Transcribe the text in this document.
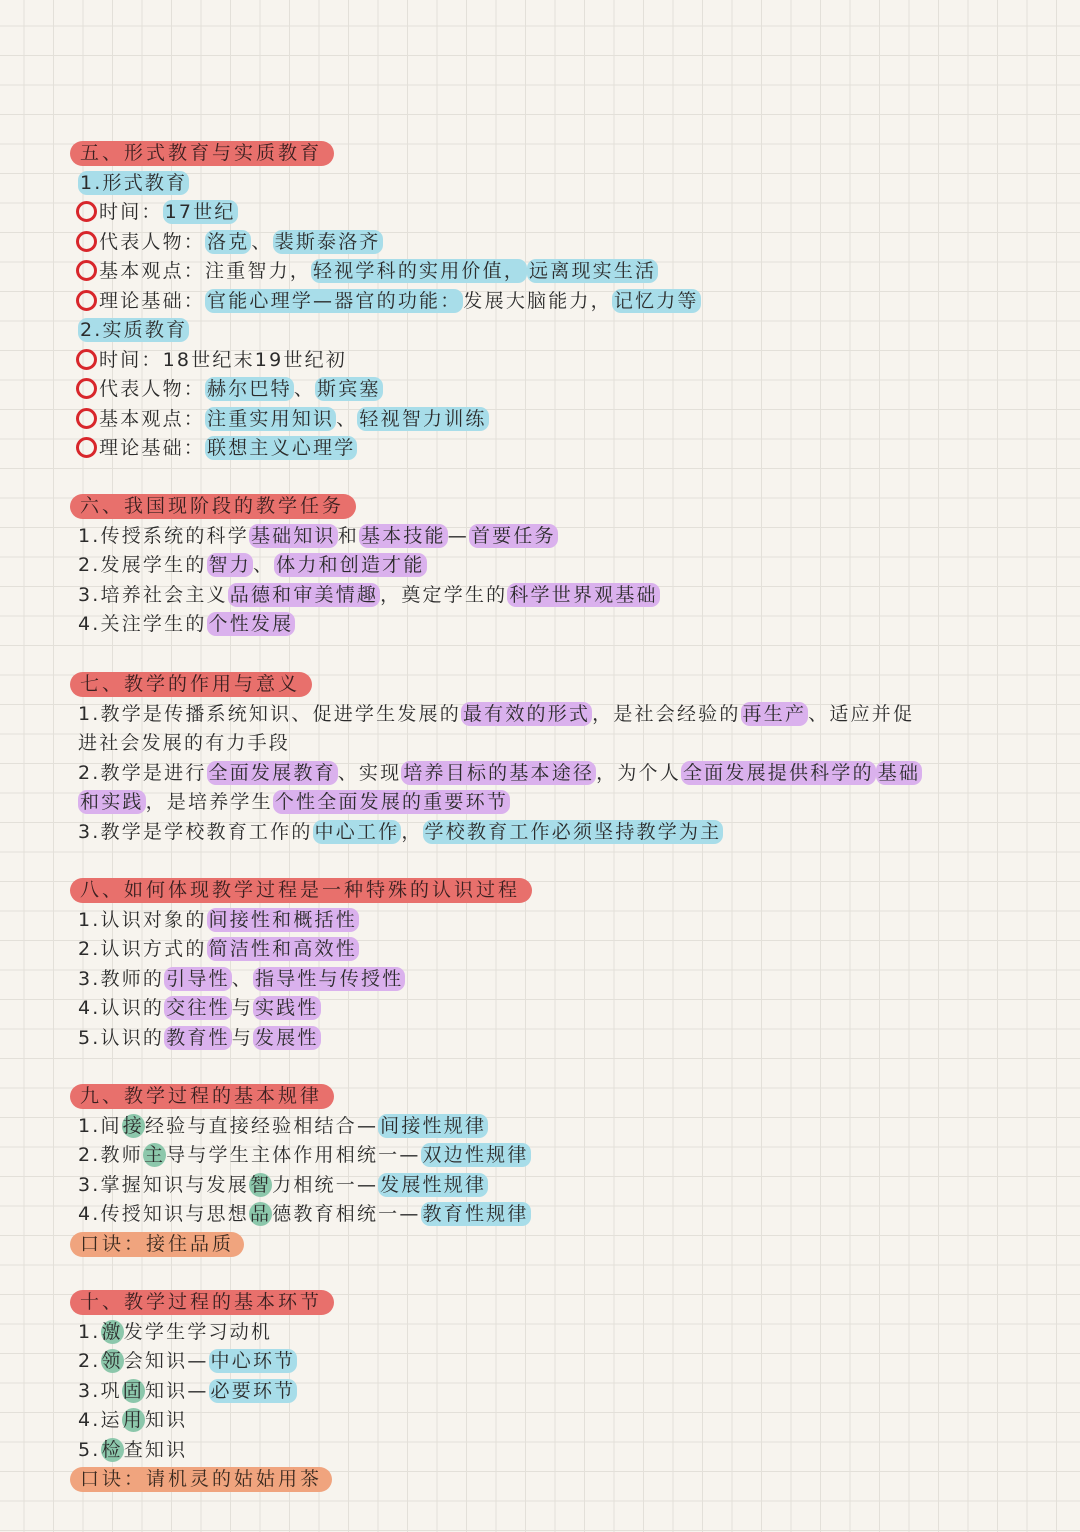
五、形式教育与实质教育
1.形式教育
时间： 17世纪
代表人物： 洛克 、 裴斯泰洛齐
基本观点：注重智力， 轻视学科的实用价值， 远离现实生活
理论基础： 官能心理学—器官的功能： 发展大脑能力， 记忆力等
2.实质教育
时间：18世纪末19世纪初
代表人物： 赫尔巴特 、 斯宾塞
基本观点： 注重实用知识 、 轻视智力训练
理论基础： 联想主义心理学
六、我国现阶段的教学任务
1.传授系统的科学 基础知识 和 基本技能 — 首要任务
2.发展学生的 智力 、 体力和创造才能
3.培养社会主义 品德和审美情趣 ，奠定学生的 科学世界观基础
4.关注学生的 个性发展
七、教学的作用与意义
1.教学是传播系统知识、促进学生发展的 最有效的形式 ，是社会经验的 再生产 、适应并促
进社会发展的有力手段
2.教学是进行 全面发展教育 、实现 培养目标的基本途径 ，为个人 全面发展提供科学的 基础
和实践 ，是培养学生 个性全面发展的重要环节
3.教学是学校教育工作的 中心工作 ， 学校教育工作必须坚持教学为主
八、如何体现教学过程是一种特殊的认识过程
1.认识对象的 间接性和概括性
2.认识方式的 简洁性和高效性
3.教师的 引导性 、 指导性与传授性
4.认识的 交往性 与 实践性
5.认识的 教育性 与 发展性
九、教学过程的基本规律
1.间接经验与直接经验相结合— 间接性规律
2.教师主导与学生主体作用相统一— 双边性规律
3.掌握知识与发展智力相统一— 发展性规律
4.传授知识与思想品德教育相统一— 教育性规律
口诀：接住品质
十、教学过程的基本环节
1.激发学生学习动机
2.领会知识— 中心环节
3.巩固知识— 必要环节
4.运用知识
5.检查知识
口诀：请机灵的姑姑用茶
